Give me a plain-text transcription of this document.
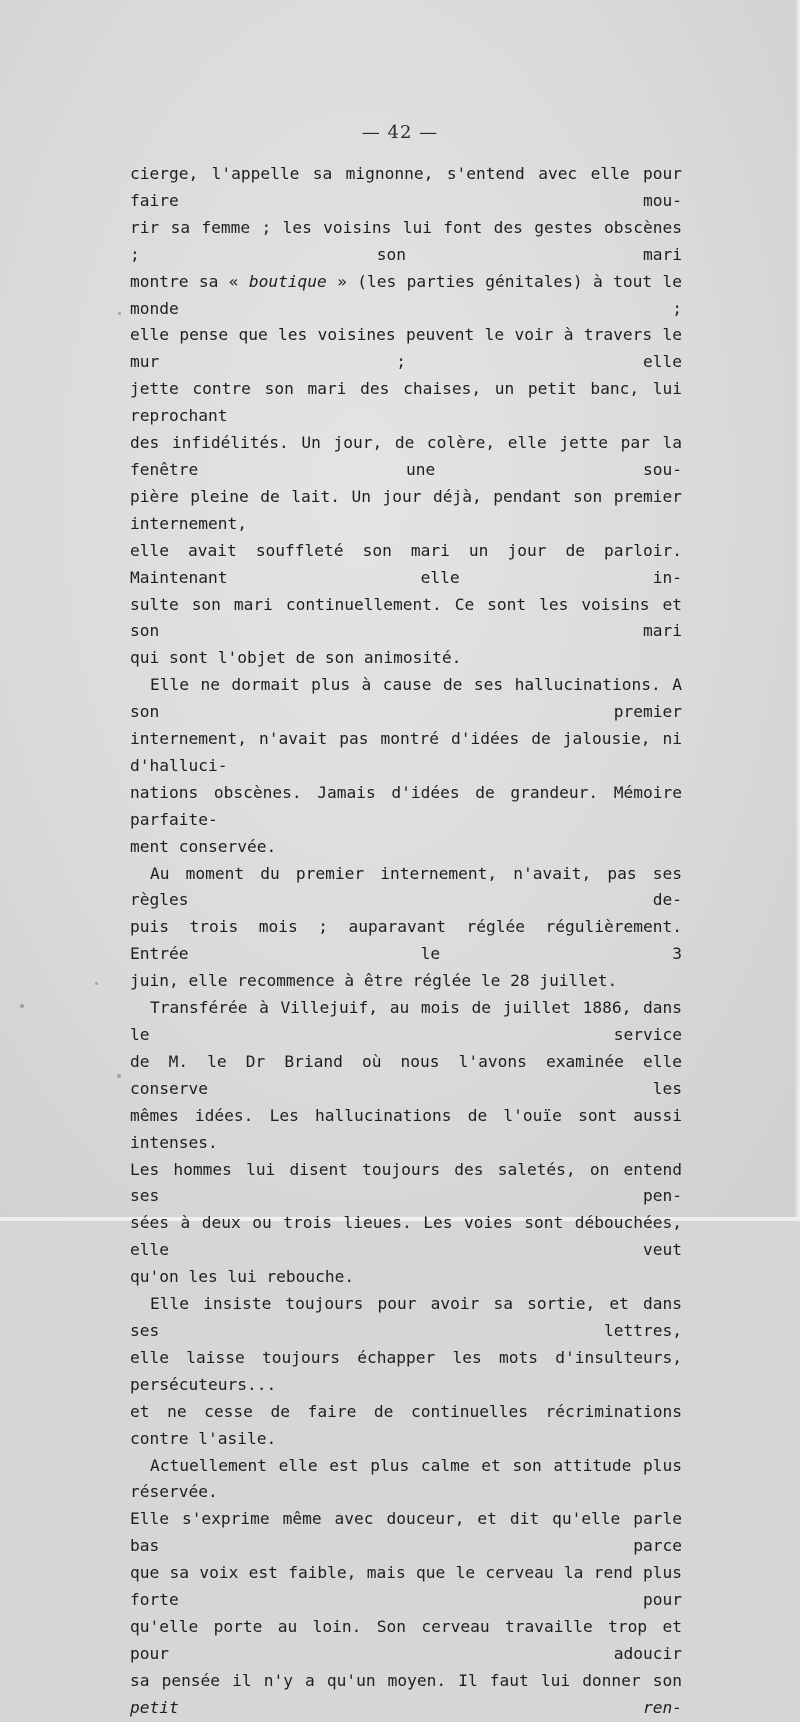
— 42 —
cierge, l'appelle sa mignonne, s'entend avec elle pour faire mou-
rir sa femme ; les voisins lui font des gestes obscènes ; son mari
montre sa « boutique » (les parties génitales) à tout le monde ;
elle pense que les voisines peuvent le voir à travers le mur ; elle
jette contre son mari des chaises, un petit banc, lui reprochant
des infidélités. Un jour, de colère, elle jette par la fenêtre une sou-
pière pleine de lait. Un jour déjà, pendant son premier internement,
elle avait souffleté son mari un jour de parloir. Maintenant elle in-
sulte son mari continuellement. Ce sont les voisins et son mari
qui sont l'objet de son animosité.
Elle ne dormait plus à cause de ses hallucinations. A son premier
internement, n'avait pas montré d'idées de jalousie, ni d'halluci-
nations obscènes. Jamais d'idées de grandeur. Mémoire parfaite-
ment conservée.
Au moment du premier internement, n'avait, pas ses règles de-
puis trois mois ; auparavant réglée régulièrement. Entrée le 3
juin, elle recommence à être réglée le 28 juillet.
Transférée à Villejuif, au mois de juillet 1886, dans le service
de M. le Dr Briand où nous l'avons examinée elle conserve les
mêmes idées. Les hallucinations de l'ouïe sont aussi intenses.
Les hommes lui disent toujours des saletés, on entend ses pen-
sées à deux ou trois lieues. Les voies sont débouchées, elle veut
qu'on les lui rebouche.
Elle insiste toujours pour avoir sa sortie, et dans ses lettres,
elle laisse toujours échapper les mots d'insulteurs, persécuteurs...
et ne cesse de faire de continuelles récriminations contre l'asile.
Actuellement elle est plus calme et son attitude plus réservée.
Elle s'exprime même avec douceur, et dit qu'elle parle bas parce
que sa voix est faible, mais que le cerveau la rend plus forte pour
qu'elle porte au loin. Son cerveau travaille trop et pour adoucir
sa pensée il n'y a qu'un moyen. Il faut lui donner son petit ren-
